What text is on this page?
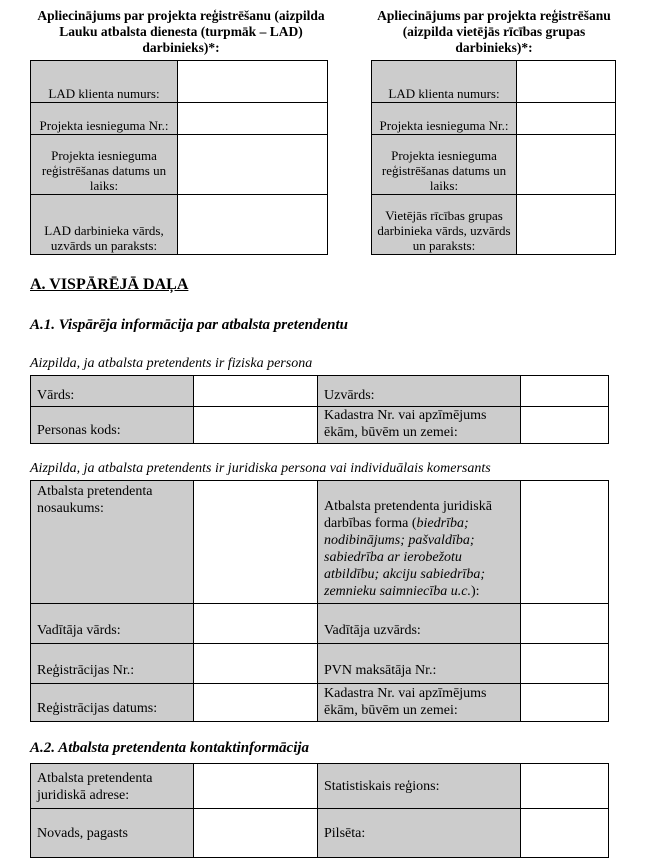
Apliecinājums par projekta reģistrēšanu (aizpilda Lauku atbalsta dienesta (turpmāk – LAD) darbinieks)*:
LAD klienta numurs:	
Projekta iesnieguma Nr.:	
Projekta iesnieguma reģistrēšanas datums un laiks:	
LAD darbinieka vārds, uzvārds un paraksts:	
Apliecinājums par projekta reģistrēšanu (aizpilda vietējās rīcības grupas darbinieks)*:
LAD klienta numurs:	
Projekta iesnieguma Nr.:	
Projekta iesnieguma reģistrēšanas datums un laiks:	
Vietējās rīcības grupas darbinieka vārds, uzvārds un paraksts:	
A. VISPĀRĒJĀ DAĻA
A.1. Vispārēja informācija par atbalsta pretendentu
Aizpilda, ja atbalsta pretendents ir fiziska persona
Vārds:		Uzvārds:	
Personas kods:		Kadastra Nr. vai apzīmējums ēkām, būvēm un zemei:	
Aizpilda, ja atbalsta pretendents ir juridiska persona vai individuālais komersants
Atbalsta pretendenta nosaukums:		Atbalsta pretendenta juridiskā darbības forma (biedrība; nodibinājums; pašvaldība; sabiedrība ar ierobežotu atbildību; akciju sabiedrība; zemnieku saimniecība u.c.):	
Vadītāja vārds:		Vadītāja uzvārds:	
Reģistrācijas Nr.:		PVN maksātāja Nr.:	
Reģistrācijas datums:		Kadastra Nr. vai apzīmējums ēkām, būvēm un zemei:	
A.2. Atbalsta pretendenta kontaktinformācija
Atbalsta pretendenta juridiskā adrese:		Statistiskais reģions:	
Novads, pagasts		Pilsēta:	
